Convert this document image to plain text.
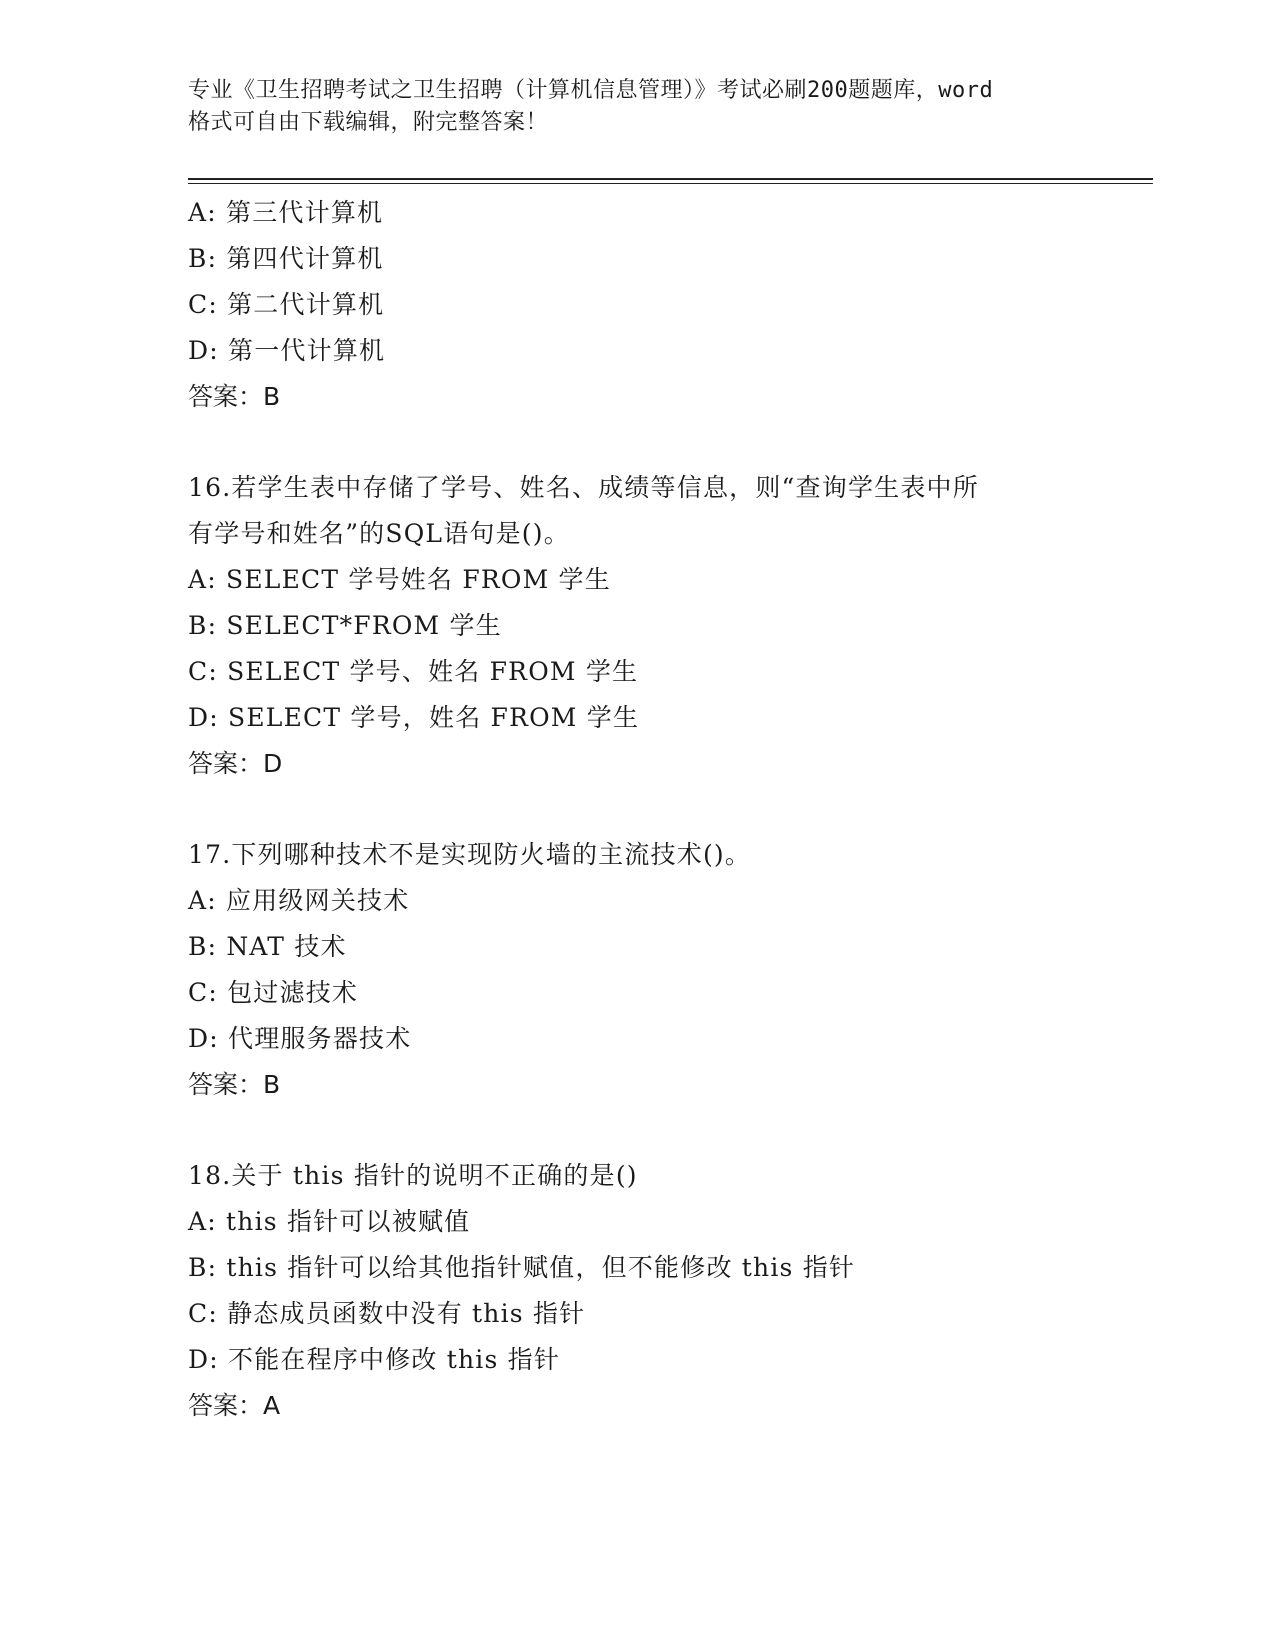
专业《卫生招聘考试之卫生招聘（计算机信息管理）》考试必刷200题题库，word
格式可自由下载编辑，附完整答案！
A: 第三代计算机
B: 第四代计算机
C: 第二代计算机
D: 第一代计算机
答案：B
16.若学生表中存储了学号、姓名、成绩等信息，则“查询学生表中所
有学号和姓名”的SQL语句是()。
A: SELECT 学号姓名 FROM 学生
B: SELECT*FROM 学生
C: SELECT 学号、姓名 FROM 学生
D: SELECT 学号，姓名 FROM 学生
答案：D
17.下列哪种技术不是实现防火墙的主流技术()。
A: 应用级网关技术
B: NAT 技术
C: 包过滤技术
D: 代理服务器技术
答案：B
18.关于 this 指针的说明不正确的是()
A: this 指针可以被赋值
B: this 指针可以给其他指针赋值，但不能修改 this 指针
C: 静态成员函数中没有 this 指针
D: 不能在程序中修改 this 指针
答案：A
